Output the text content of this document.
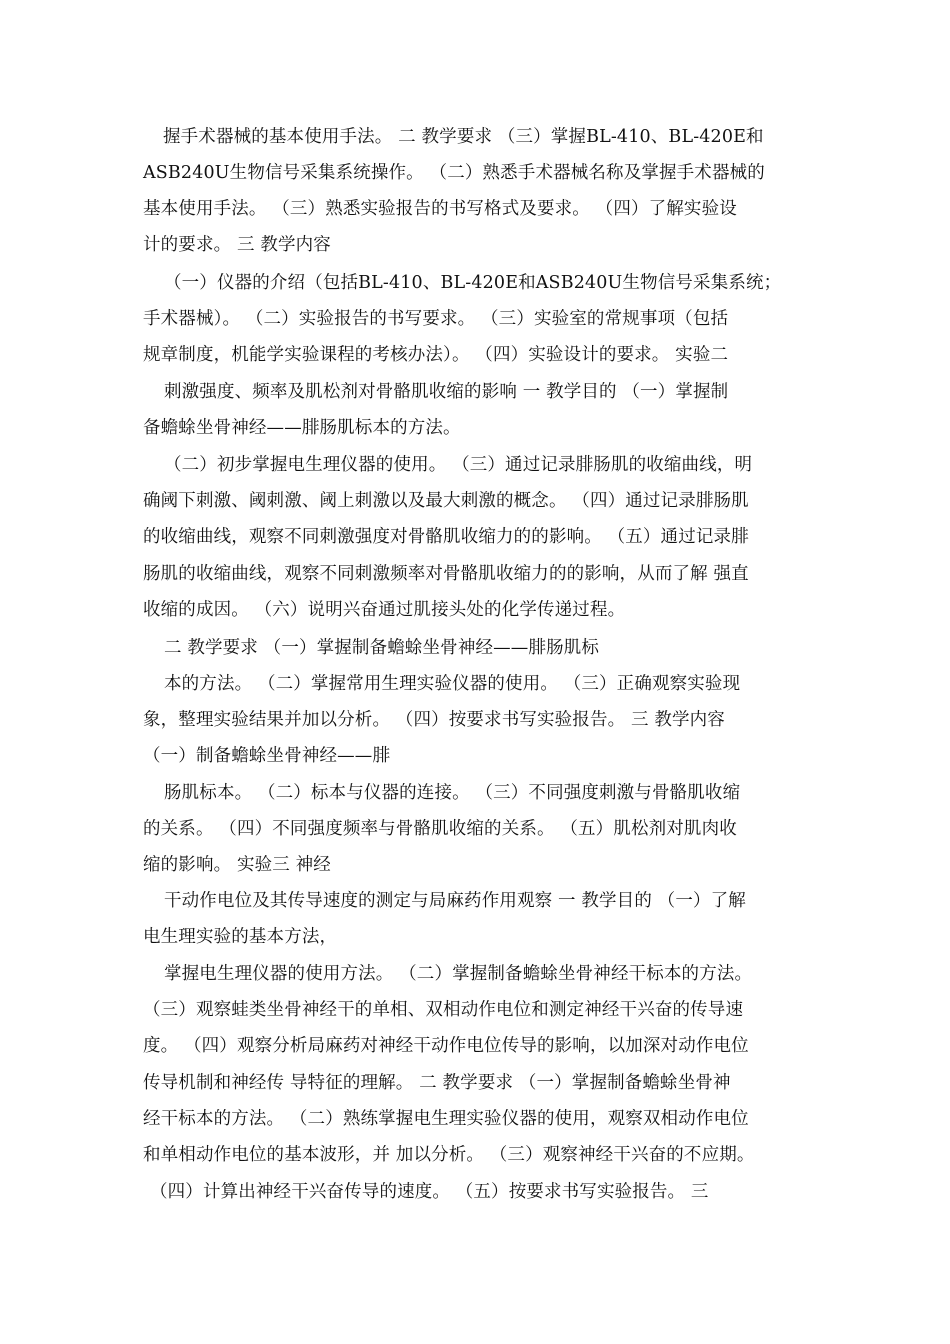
握手术器械的基本使用手法。 二 教学要求 （三）掌握BL-410、BL-420E和
ASB240U生物信号采集系统操作。 （二）熟悉手术器械名称及掌握手术器械的
基本使用手法。 （三）熟悉实验报告的书写格式及要求。 （四）了解实验设
计的要求。 三 教学内容
（一）仪器的介绍（包括BL-410、BL-420E和ASB240U生物信号采集系统；
手术器械）。 （二）实验报告的书写要求。 （三）实验室的常规事项（包括
规章制度，机能学实验课程的考核办法）。 （四）实验设计的要求。 实验二
刺激强度、频率及肌松剂对骨骼肌收缩的影响 一 教学目的 （一）掌握制
备蟾蜍坐骨神经——腓肠肌标本的方法。
（二）初步掌握电生理仪器的使用。 （三）通过记录腓肠肌的收缩曲线，明
确阈下刺激、阈刺激、阈上刺激以及最大刺激的概念。 （四）通过记录腓肠肌
的收缩曲线，观察不同刺激强度对骨骼肌收缩力的的影响。 （五）通过记录腓
肠肌的收缩曲线，观察不同刺激频率对骨骼肌收缩力的的影响，从而了解 强直
收缩的成因。 （六）说明兴奋通过肌接头处的化学传递过程。
二 教学要求 （一）掌握制备蟾蜍坐骨神经——腓肠肌标
本的方法。 （二）掌握常用生理实验仪器的使用。 （三）正确观察实验现
象，整理实验结果并加以分析。 （四）按要求书写实验报告。 三 教学内容
（一）制备蟾蜍坐骨神经——腓
肠肌标本。 （二）标本与仪器的连接。 （三）不同强度刺激与骨骼肌收缩
的关系。 （四）不同强度频率与骨骼肌收缩的关系。 （五）肌松剂对肌肉收
缩的影响。 实验三 神经
干动作电位及其传导速度的测定与局麻药作用观察 一 教学目的 （一）了解
电生理实验的基本方法，
掌握电生理仪器的使用方法。 （二）掌握制备蟾蜍坐骨神经干标本的方法。
（三）观察蛙类坐骨神经干的单相、双相动作电位和测定神经干兴奋的传导速
度。 （四）观察分析局麻药对神经干动作电位传导的影响，以加深对动作电位
传导机制和神经传 导特征的理解。 二 教学要求 （一）掌握制备蟾蜍坐骨神
经干标本的方法。 （二）熟练掌握电生理实验仪器的使用，观察双相动作电位
和单相动作电位的基本波形，并 加以分析。 （三）观察神经干兴奋的不应期。
（四）计算出神经干兴奋传导的速度。 （五）按要求书写实验报告。 三
